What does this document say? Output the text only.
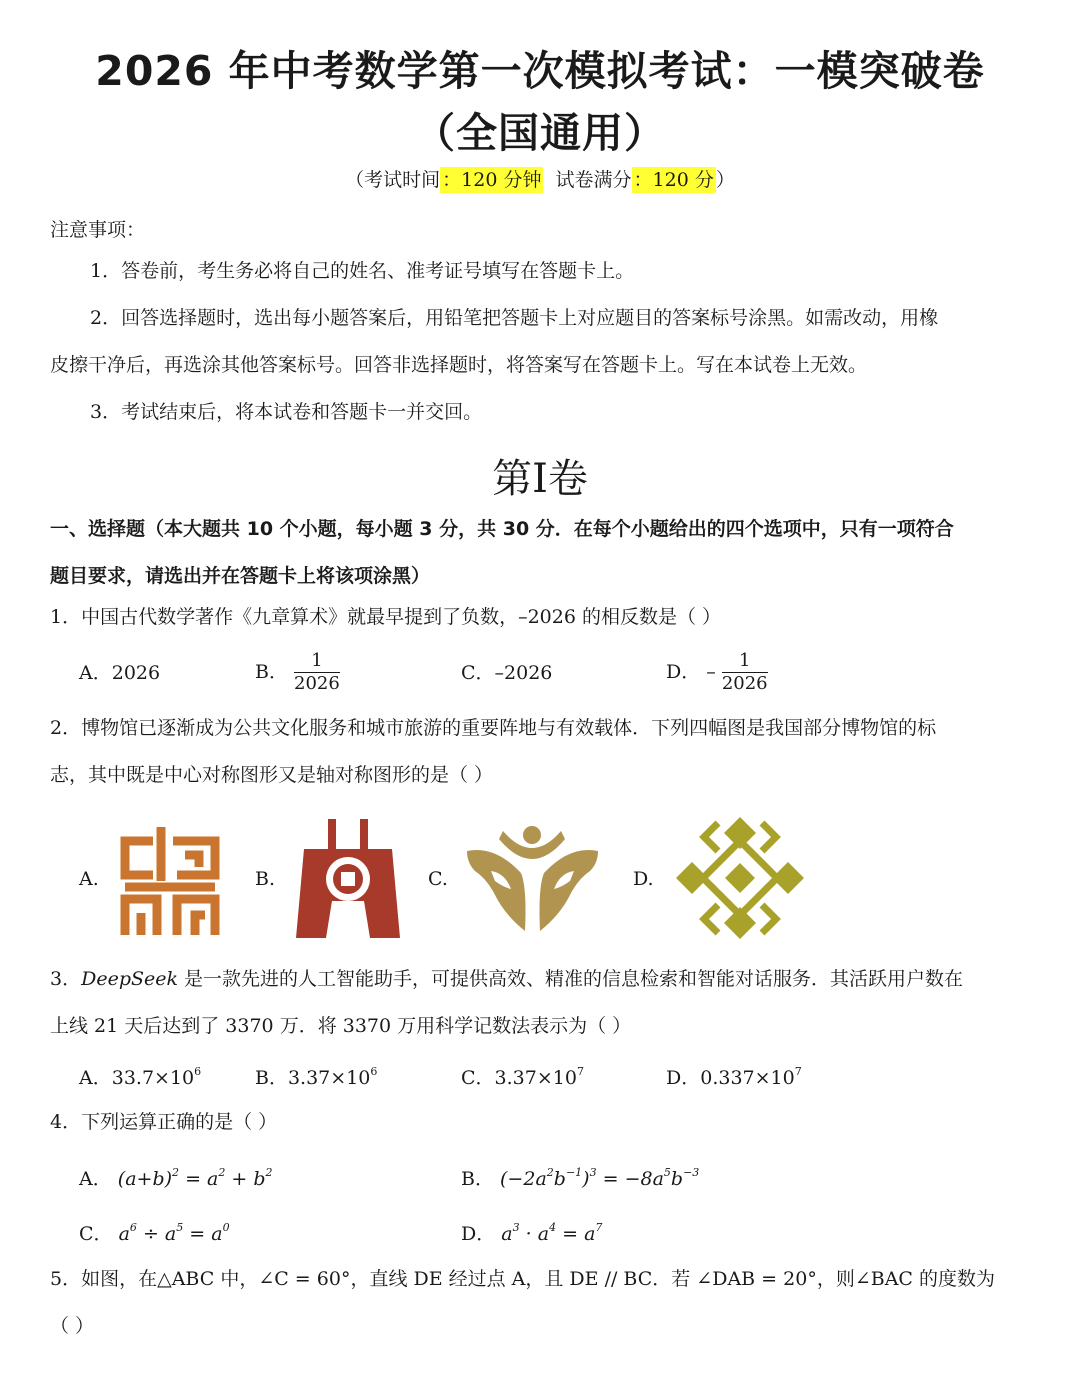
2026 年中考数学第一次模拟考试：一模突破卷
（全国通用）
（考试时间 ：120 分钟  试卷满分 ：120 分 ）
注意事项：
1．答卷前，考生务必将自己的姓名、准考证号填写在答题卡上。
2．回答选择题时，选出每小题答案后，用铅笔把答题卡上对应题目的答案标号涂黑。如需改动，用橡
皮擦干净后，再选涂其他答案标号。回答非选择题时，将答案写在答题卡上。写在本试卷上无效。
3．考试结束后，将本试卷和答题卡一并交回。
第I卷
一、选择题（本大题共 10 个小题，每小题 3 分，共 30 分．在每个小题给出的四个选项中，只有一项符合
题目要求，请选出并在答题卡上将该项涂黑）
1．中国古代数学著作《九章算术》就最早提到了负数，–2026 的相反数是（ ）
A．2026	B． $\frac{1}{2026}$	C．–2026	D． – $\frac{1}{2026}$
2．博物馆已逐渐成为公共文化服务和城市旅游的重要阵地与有效载体．下列四幅图是我国部分博物馆的标
志，其中既是中心对称图形又是轴对称图形的是（ ）
A.	B.	C.	D.
3．DeepSeek 是一款先进的人工智能助手，可提供高效、精准的信息检索和智能对话服务．其活跃用户数在
上线 21 天后达到了 3370 万．将 3370 万用科学记数法表示为（ ）
A．$33.7\times 10^6$	B．$3.37\times 10^6$	C．$3.37\times 10^7$	D．$0.337\times 10^7$
4．下列运算正确的是（ ）
A． $(a+b)^2 = a^2 + b^2$	B． $(-2a^2b^{-1})^3 = -8a^5b^{-3}$
C． $a^6 \div a^5 = a^0$	D． $a^3 \cdot a^4 = a^7$
5．如图，在△ABC 中，∠C = 60°，直线 DE 经过点 A，且 DE // BC．若 ∠DAB = 20°，则∠BAC 的度数为
（ ）
